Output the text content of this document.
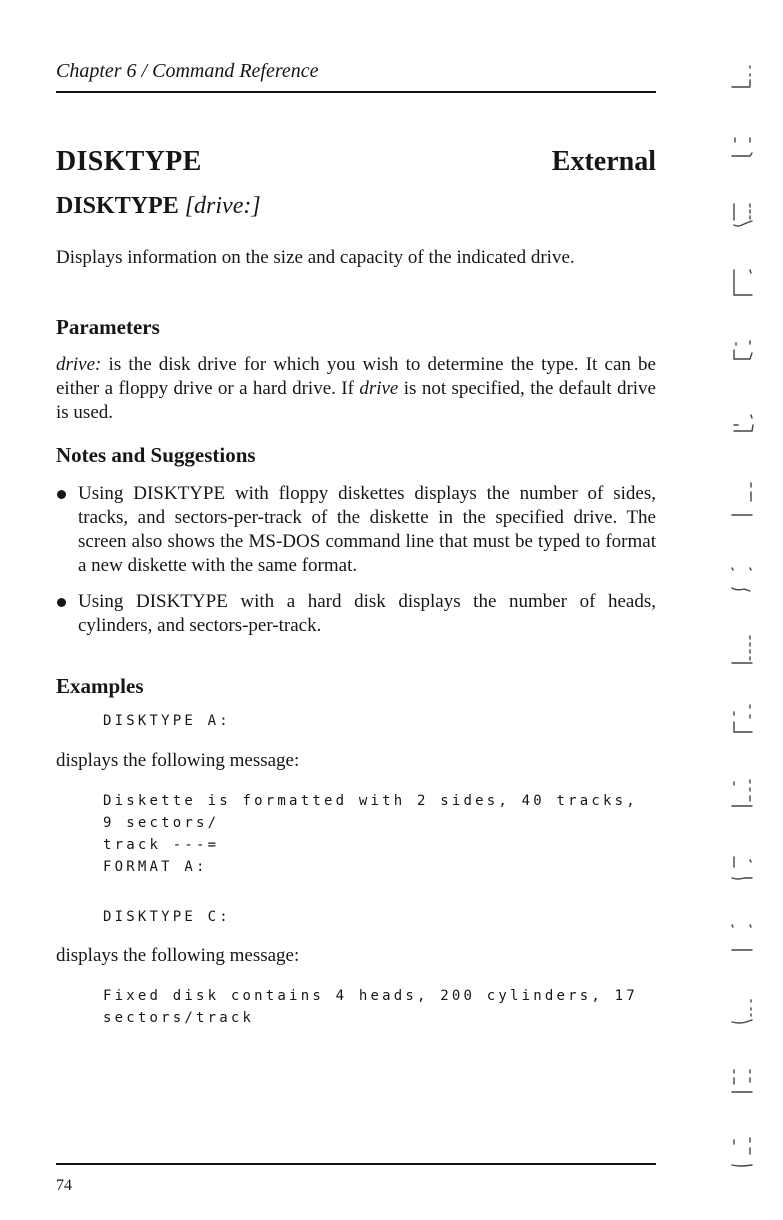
Chapter 6 / Command Reference
DISKTYPE	External
DISKTYPE [drive:]

Displays information on the size and capacity of the indicated drive.

Parameters

drive: is the disk drive for which you wish to determine the type. It can be either a floppy drive or a hard drive. If drive is not specified, the default drive is used.

Notes and Suggestions
Using DISKTYPE with floppy diskettes displays the number of sides, tracks, and sectors-per-track of the diskette in the specified drive. The screen also shows the MS-DOS command line that must be typed to format a new diskette with the same format.
Using DISKTYPE with a hard disk displays the number of heads, cylinders, and sectors-per-track.
Examples
DISKTYPE A:
displays the following message:
Diskette is formatted with 2 sides, 40 tracks,
9 sectors/
track ---=
FORMAT A:
DISKTYPE C:
displays the following message:
Fixed disk contains 4 heads, 200 cylinders, 17
sectors/track
74
